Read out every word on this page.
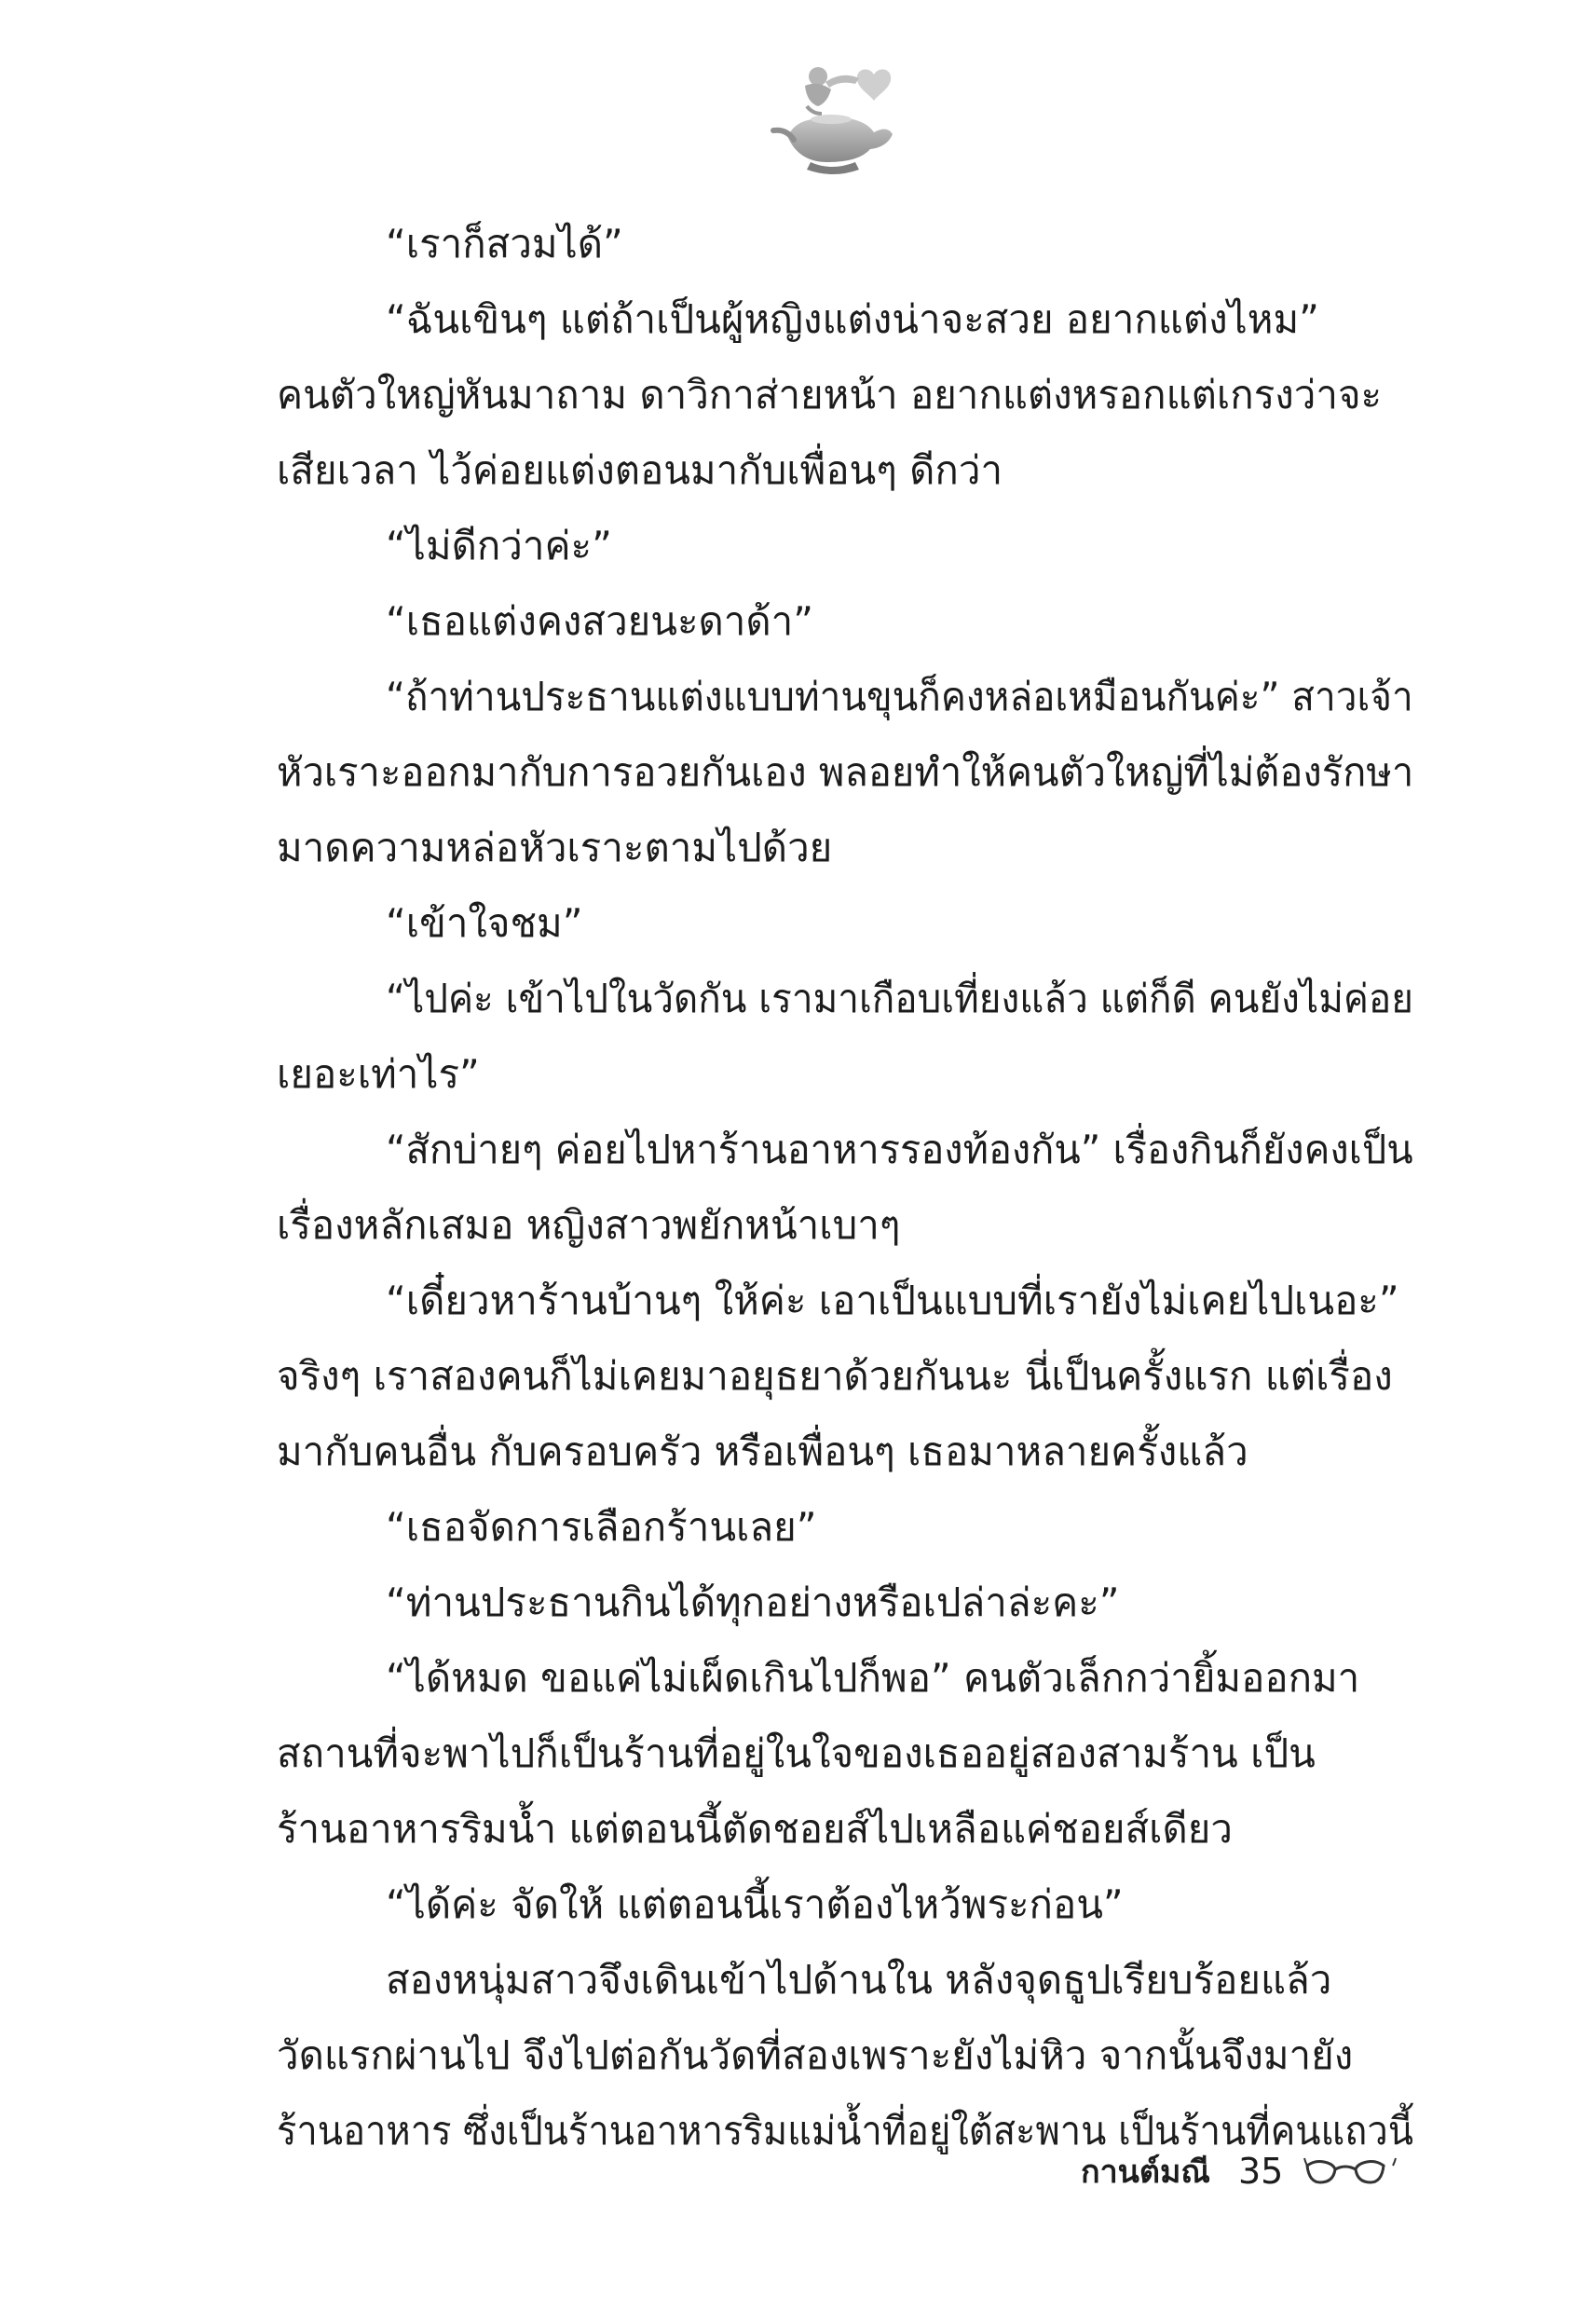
“เราก็สวมได้”
“ฉันเขินๆ แต่ถ้าเป็นผู้หญิงแต่งน่าจะสวย อยากแต่งไหม”
คนตัวใหญ่หันมาถาม ดาวิกาส่ายหน้า อยากแต่งหรอกแต่เกรงว่าจะ
เสียเวลา ไว้ค่อยแต่งตอนมากับเพื่อนๆ ดีกว่า
“ไม่ดีกว่าค่ะ”
“เธอแต่งคงสวยนะดาด้า”
“ถ้าท่านประธานแต่งแบบท่านขุนก็คงหล่อเหมือนกันค่ะ” สาวเจ้า
หัวเราะออกมากับการอวยกันเอง พลอยทำให้คนตัวใหญ่ที่ไม่ต้องรักษา
มาดความหล่อหัวเราะตามไปด้วย
“เข้าใจชม”
“ไปค่ะ เข้าไปในวัดกัน เรามาเกือบเที่ยงแล้ว แต่ก็ดี คนยังไม่ค่อย
เยอะเท่าไร”
“สักบ่ายๆ ค่อยไปหาร้านอาหารรองท้องกัน” เรื่องกินก็ยังคงเป็น
เรื่องหลักเสมอ หญิงสาวพยักหน้าเบาๆ
“เดี๋ยวหาร้านบ้านๆ ให้ค่ะ เอาเป็นแบบที่เรายังไม่เคยไปเนอะ”
จริงๆ เราสองคนก็ไม่เคยมาอยุธยาด้วยกันนะ นี่เป็นครั้งแรก แต่เรื่อง
มากับคนอื่น กับครอบครัว หรือเพื่อนๆ เธอมาหลายครั้งแล้ว
“เธอจัดการเลือกร้านเลย”
“ท่านประธานกินได้ทุกอย่างหรือเปล่าล่ะคะ”
“ได้หมด ขอแค่ไม่เผ็ดเกินไปก็พอ” คนตัวเล็กกว่ายิ้มออกมา
สถานที่จะพาไปก็เป็นร้านที่อยู่ในใจของเธออยู่สองสามร้าน เป็น
ร้านอาหารริมน้ำ แต่ตอนนี้ตัดชอยส์ไปเหลือแค่ชอยส์เดียว
“ได้ค่ะ จัดให้ แต่ตอนนี้เราต้องไหว้พระก่อน”
สองหนุ่มสาวจึงเดินเข้าไปด้านใน หลังจุดธูปเรียบร้อยแล้ว
วัดแรกผ่านไป จึงไปต่อกันวัดที่สองเพราะยังไม่หิว จากนั้นจึงมายัง
ร้านอาหาร ซึ่งเป็นร้านอาหารริมแม่น้ำที่อยู่ใต้สะพาน เป็นร้านที่คนแถวนี้
กานต์มณี 35
